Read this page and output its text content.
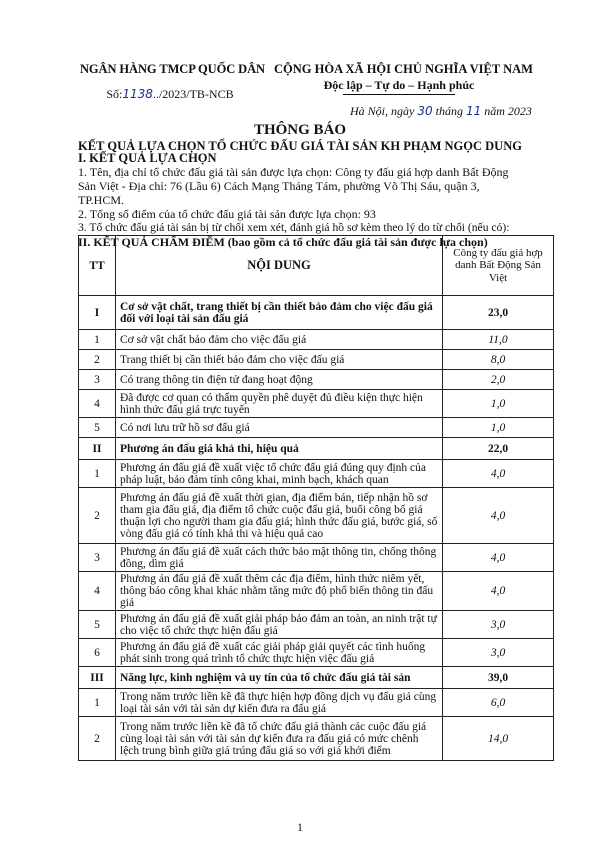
NGÂN HÀNG TMCP QUỐC DÂN
Số:1138../2023/TB-NCB
CỘNG HÒA XÃ HỘI CHỦ NGHĨA VIỆT NAM
Độc lập – Tự do – Hạnh phúc
Hà Nội, ngày 30 tháng 11 năm 2023
THÔNG BÁO
KẾT QUẢ LỰA CHỌN TỔ CHỨC ĐẤU GIÁ TÀI SẢN KH PHẠM NGỌC DUNG
I. KẾT QUẢ LỰA CHỌN
1. Tên, địa chỉ tổ chức đấu giá tài sản được lựa chọn: Công ty đấu giá hợp danh Bất Động Sản Việt - Địa chỉ: 76 (Lầu 6) Cách Mạng Tháng Tám, phường Võ Thị Sáu, quận 3, TP.HCM.
2. Tổng số điểm của tổ chức đấu giá tài sản được lựa chọn: 93
3. Tổ chức đấu giá tài sản bị từ chối xem xét, đánh giá hồ sơ kèm theo lý do từ chối (nếu có):
II. KẾT QUẢ CHẤM ĐIỂM (bao gồm cả tổ chức đấu giá tài sản được lựa chọn)
TT	NỘI DUNG	Công ty đấu giá hợp danh Bất Động Sản Việt
I	Cơ sở vật chất, trang thiết bị cần thiết bảo đảm cho việc đấu giá đối với loại tài sản đấu giá	23,0
1	Cơ sở vật chất bảo đảm cho việc đấu giá	11,0
2	Trang thiết bị cần thiết bảo đảm cho việc đấu giá	8,0
3	Có trang thông tin điện tử đang hoạt động	2,0
4	Đã được cơ quan có thẩm quyền phê duyệt đủ điều kiện thực hiện hình thức đấu giá trực tuyến	1,0
5	Có nơi lưu trữ hồ sơ đấu giá	1,0
II	Phương án đấu giá khả thi, hiệu quả	22,0
1	Phương án đấu giá đề xuất việc tổ chức đấu giá đúng quy định của pháp luật, bảo đảm tính công khai, minh bạch, khách quan	4,0
2	Phương án đấu giá đề xuất thời gian, địa điểm bán, tiếp nhận hồ sơ tham gia đấu giá, địa điểm tổ chức cuộc đấu giá, buổi công bố giá thuận lợi cho người tham gia đấu giá; hình thức đấu giá, bước giá, số vòng đấu giá có tính khả thi và hiệu quả cao	4,0
3	Phương án đấu giá đề xuất cách thức bảo mật thông tin, chống thông đồng, dìm giá	4,0
4	Phương án đấu giá đề xuất thêm các địa điểm, hình thức niêm yết, thông báo công khai khác nhằm tăng mức độ phổ biến thông tin đấu giá	4,0
5	Phương án đấu giá đề xuất giải pháp bảo đảm an toàn, an ninh trật tự cho việc tổ chức thực hiện đấu giá	3,0
6	Phương án đấu giá đề xuất các giải pháp giải quyết các tình huống phát sinh trong quá trình tổ chức thực hiện việc đấu giá	3,0
III	Năng lực, kinh nghiệm và uy tín của tổ chức đấu giá tài sản	39,0
1	Trong năm trước liền kề đã thực hiện hợp đồng dịch vụ đấu giá cùng loại tài sản với tài sản dự kiến đưa ra đấu giá	6,0
2	Trong năm trước liền kề đã tổ chức đấu giá thành các cuộc đấu giá cùng loại tài sản với tài sản dự kiến đưa ra đấu giá có mức chênh lệch trung bình giữa giá trúng đấu giá so với giá khởi điểm	14,0
1
